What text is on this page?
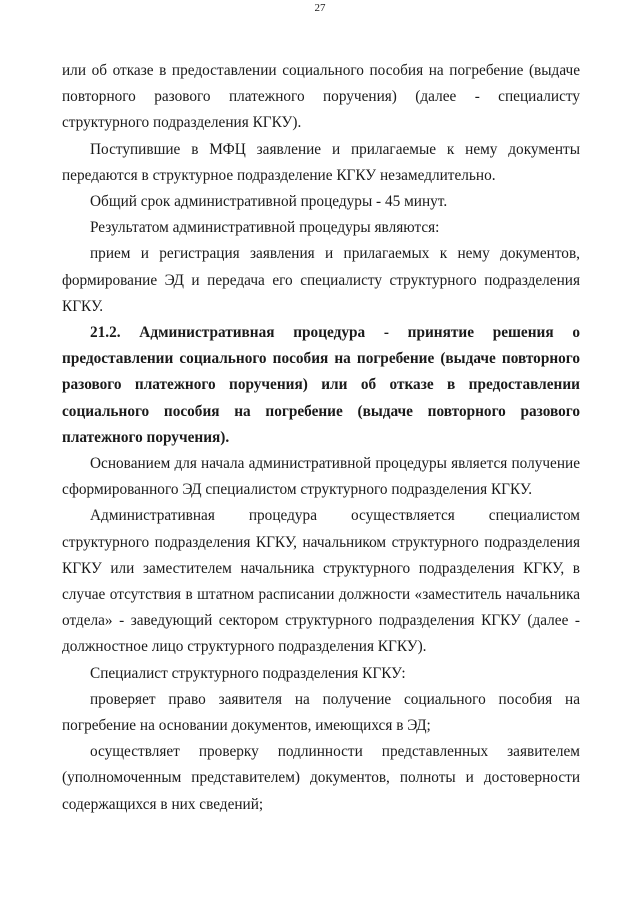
27

или об отказе в предоставлении социального пособия на погребение (выдаче повторного разового платежного поручения) (далее - специалисту структурного подразделения КГКУ).

Поступившие в МФЦ заявление и прилагаемые к нему документы передаются в структурное подразделение КГКУ незамедлительно.

Общий срок административной процедуры - 45 минут.

Результатом административной процедуры являются:

прием и регистрация заявления и прилагаемых к нему документов, формирование ЭД и передача его специалисту структурного подразделения КГКУ.

21.2. Административная процедура - принятие решения о предоставлении социального пособия на погребение (выдаче повторного разового платежного поручения) или об отказе в предоставлении социального пособия на погребение (выдаче повторного разового платежного поручения).

Основанием для начала административной процедуры является получение сформированного ЭД специалистом структурного подразделения КГКУ.

Административная процедура осуществляется специалистом структурного подразделения КГКУ, начальником структурного подразделения КГКУ или заместителем начальника структурного подразделения КГКУ, в случае отсутствия в штатном расписании должности «заместитель начальника отдела» - заведующий сектором структурного подразделения КГКУ (далее - должностное лицо структурного подразделения КГКУ).

Специалист структурного подразделения КГКУ:

проверяет право заявителя на получение социального пособия на погребение на основании документов, имеющихся в ЭД;

осуществляет проверку подлинности представленных заявителем (уполномоченным представителем) документов, полноты и достоверности содержащихся в них сведений;
